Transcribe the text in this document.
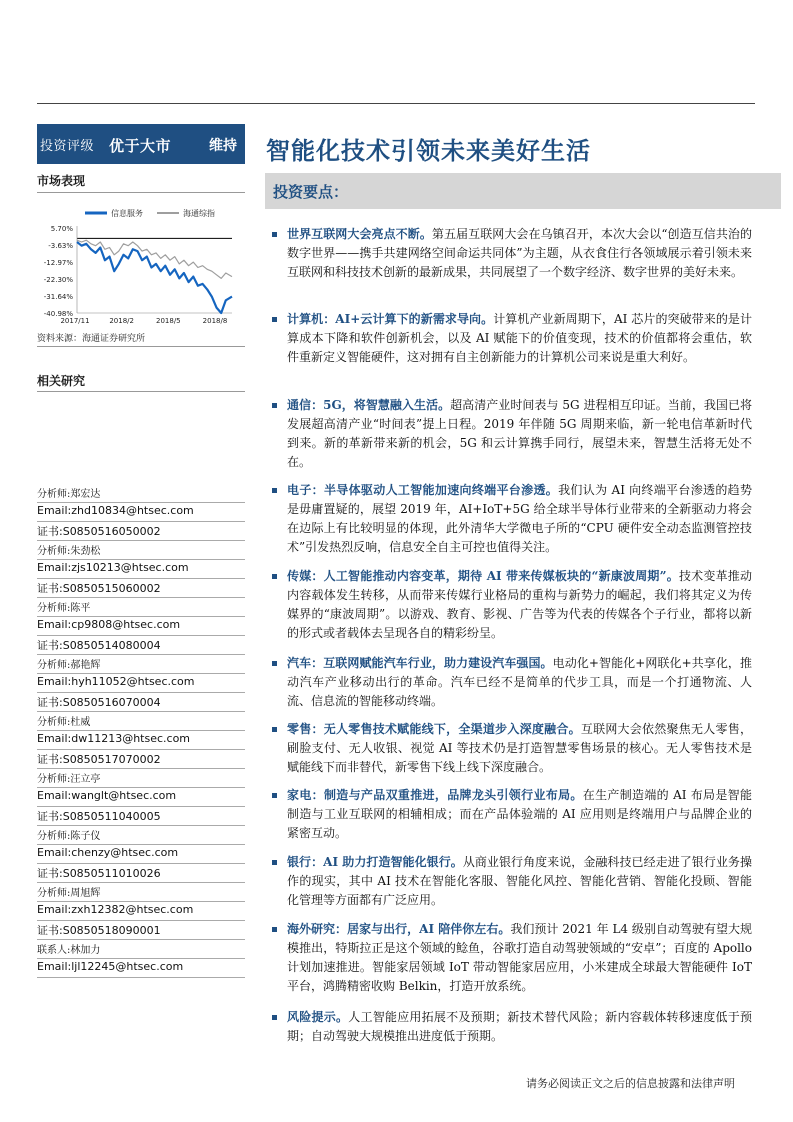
投资评级 优于大市	维持 智能化技术引领未来美好生活
市场表现
信息服务	海通综指
5.70%
-3.63%
-12.97%
-22.30%
-31.64%
-40.98%
2017/11	2018/2	2018/5	2018/8
资料来源：海通证券研究所
相关研究
分析师:郑宏达
Email:zhd10834@htsec.com
证书:S0850516050002
分析师:朱劲松
Email:zjs10213@htsec.com
证书:S0850515060002
分析师:陈平
Email:cp9808@htsec.com
证书:S0850514080004
分析师:郝艳辉
Email:hyh11052@htsec.com
证书:S0850516070004
分析师:杜威
Email:dw11213@htsec.com
证书:S0850517070002
分析师:汪立亭
Email:wanglt@htsec.com
证书:S0850511040005
分析师:陈子仪
Email:chenzy@htsec.com
证书:S0850511010026
分析师:周旭辉
Email:zxh12382@htsec.com
证书:S0850518090001
联系人:林加力
Email:ljl12245@htsec.com
投资要点：
世界互联网大会亮点不断。第五届互联网大会在乌镇召开，本次大会以“创造互信共治的数字世界——携手共建网络空间命运共同体”为主题，从衣食住行各领域展示着引领未来互联网和科技技术创新的最新成果，共同展望了一个数字经济、数字世界的美好未来。
计算机：AI+云计算下的新需求导向。计算机产业新周期下，AI 芯片的突破带来的是计算成本下降和软件创新机会，以及 AI 赋能下的价值变现，技术的价值都将会重估，软件重新定义智能硬件，这对拥有自主创新能力的计算机公司来说是重大利好。
通信：5G，将智慧融入生活。超高清产业时间表与 5G 进程相互印证。当前，我国已将发展超高清产业“时间表”提上日程。2019 年伴随 5G 周期来临，新一轮电信革新时代到来。新的革新带来新的机会，5G 和云计算携手同行，展望未来，智慧生活将无处不在。
电子：半导体驱动人工智能加速向终端平台渗透。我们认为 AI 向终端平台渗透的趋势是毋庸置疑的，展望 2019 年，AI+IoT+5G 给全球半导体行业带来的全新驱动力将会在边际上有比较明显的体现，此外清华大学微电子所的“CPU 硬件安全动态监测管控技术”引发热烈反响，信息安全自主可控也值得关注。
传媒：人工智能推动内容变革，期待 AI 带来传媒板块的“新康波周期”。技术变革推动内容载体发生转移，从而带来传媒行业格局的重构与新势力的崛起，我们将其定义为传媒界的“康波周期”。以游戏、教育、影视、广告等为代表的传媒各个子行业，都将以新的形式或者载体去呈现各自的精彩纷呈。
汽车：互联网赋能汽车行业，助力建设汽车强国。电动化+智能化+网联化+共享化，推动汽车产业移动出行的革命。汽车已经不是简单的代步工具，而是一个打通物流、人流、信息流的智能移动终端。
零售：无人零售技术赋能线下，全渠道步入深度融合。互联网大会依然聚焦无人零售，刷脸支付、无人收银、视觉 AI 等技术仍是打造智慧零售场景的核心。无人零售技术是赋能线下而非替代，新零售下线上线下深度融合。
家电：制造与产品双重推进，品牌龙头引领行业布局。在生产制造端的 AI 布局是智能制造与工业互联网的相辅相成；而在产品体验端的 AI 应用则是终端用户与品牌企业的紧密互动。
银行：AI 助力打造智能化银行。从商业银行角度来说，金融科技已经走进了银行业务操作的现实，其中 AI 技术在智能化客服、智能化风控、智能化营销、智能化投顾、智能化管理等方面都有广泛应用。
海外研究：居家与出行，AI 陪伴你左右。我们预计 2021 年 L4 级别自动驾驶有望大规模推出，特斯拉正是这个领域的鲶鱼，谷歌打造自动驾驶领域的“安卓”；百度的 Apollo 计划加速推进。智能家居领域 IoT 带动智能家居应用，小米建成全球最大智能硬件 IoT 平台，鸿腾精密收购 Belkin，打造开放系统。
风险提示。人工智能应用拓展不及预期；新技术替代风险；新内容载体转移速度低于预期；自动驾驶大规模推出进度低于预期。
请务必阅读正文之后的信息披露和法律声明
